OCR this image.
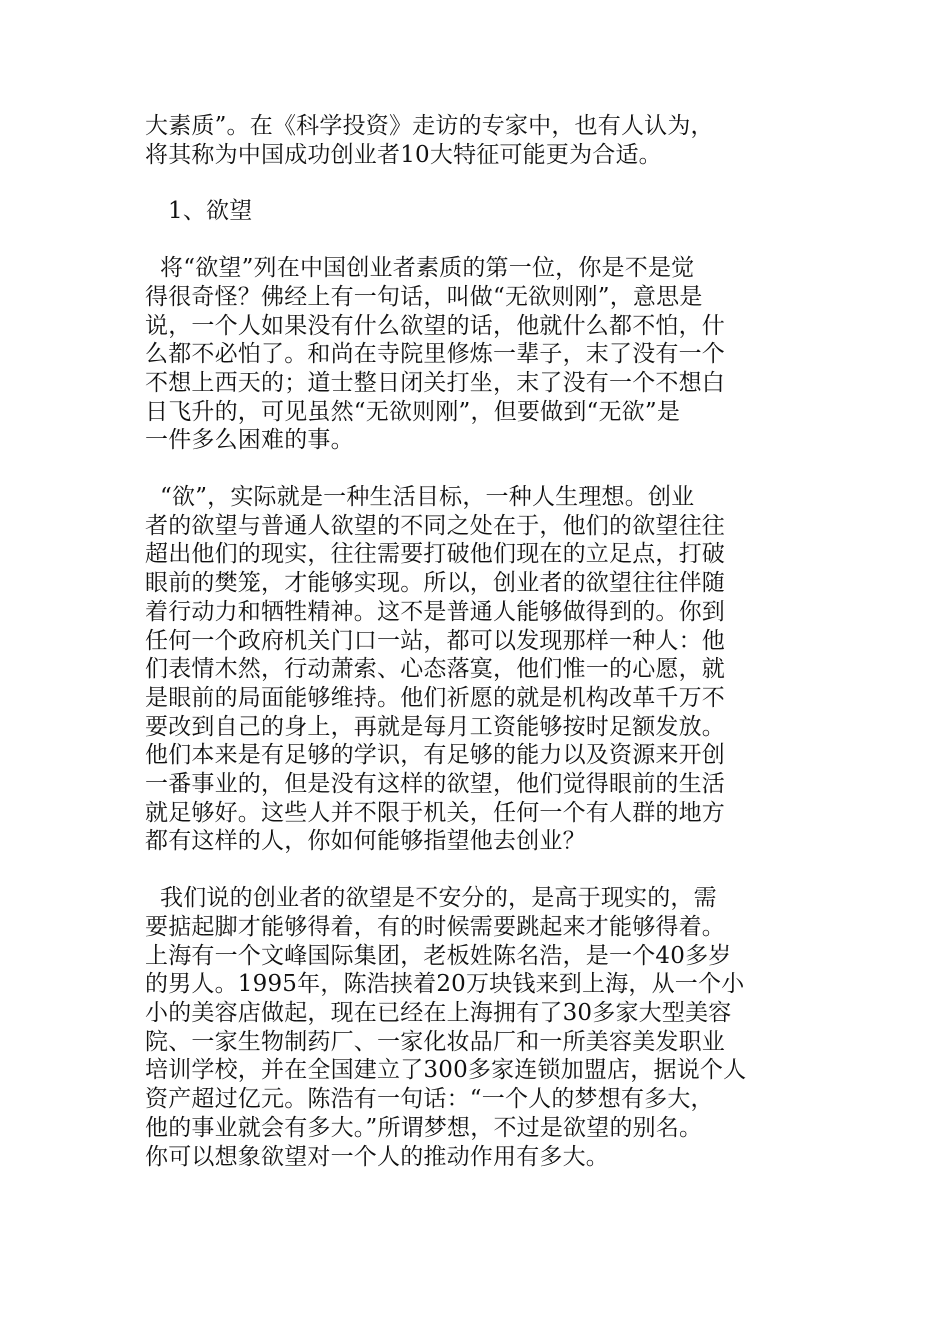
大素质”。在《科学投资》走访的专家中，也有人认为，
将其称为中国成功创业者10大特征可能更为合适。

1、欲望

将“欲望”列在中国创业者素质的第一位，你是不是觉
得很奇怪？佛经上有一句话，叫做“无欲则刚”，意思是
说，一个人如果没有什么欲望的话，他就什么都不怕，什
么都不必怕了。和尚在寺院里修炼一辈子，末了没有一个
不想上西天的；道士整日闭关打坐，末了没有一个不想白
日飞升的，可见虽然“无欲则刚”，但要做到“无欲”是
一件多么困难的事。

“欲”，实际就是一种生活目标，一种人生理想。创业
者的欲望与普通人欲望的不同之处在于，他们的欲望往往
超出他们的现实，往往需要打破他们现在的立足点，打破
眼前的樊笼，才能够实现。所以，创业者的欲望往往伴随
着行动力和牺牲精神。这不是普通人能够做得到的。你到
任何一个政府机关门口一站，都可以发现那样一种人：他
们表情木然，行动萧索、心态落寞，他们惟一的心愿，就
是眼前的局面能够维持。他们祈愿的就是机构改革千万不
要改到自己的身上，再就是每月工资能够按时足额发放。
他们本来是有足够的学识，有足够的能力以及资源来开创
一番事业的，但是没有这样的欲望，他们觉得眼前的生活
就足够好。这些人并不限于机关，任何一个有人群的地方
都有这样的人，你如何能够指望他去创业？

我们说的创业者的欲望是不安分的，是高于现实的，需
要掂起脚才能够得着，有的时候需要跳起来才能够得着。
上海有一个文峰国际集团，老板姓陈名浩，是一个40多岁
的男人。1995年，陈浩挟着20万块钱来到上海，从一个小
小的美容店做起，现在已经在上海拥有了30多家大型美容
院、一家生物制药厂、一家化妆品厂和一所美容美发职业
培训学校，并在全国建立了300多家连锁加盟店，据说个人
资产超过亿元。陈浩有一句话：“一个人的梦想有多大，
他的事业就会有多大。”所谓梦想，不过是欲望的别名。
你可以想象欲望对一个人的推动作用有多大。
